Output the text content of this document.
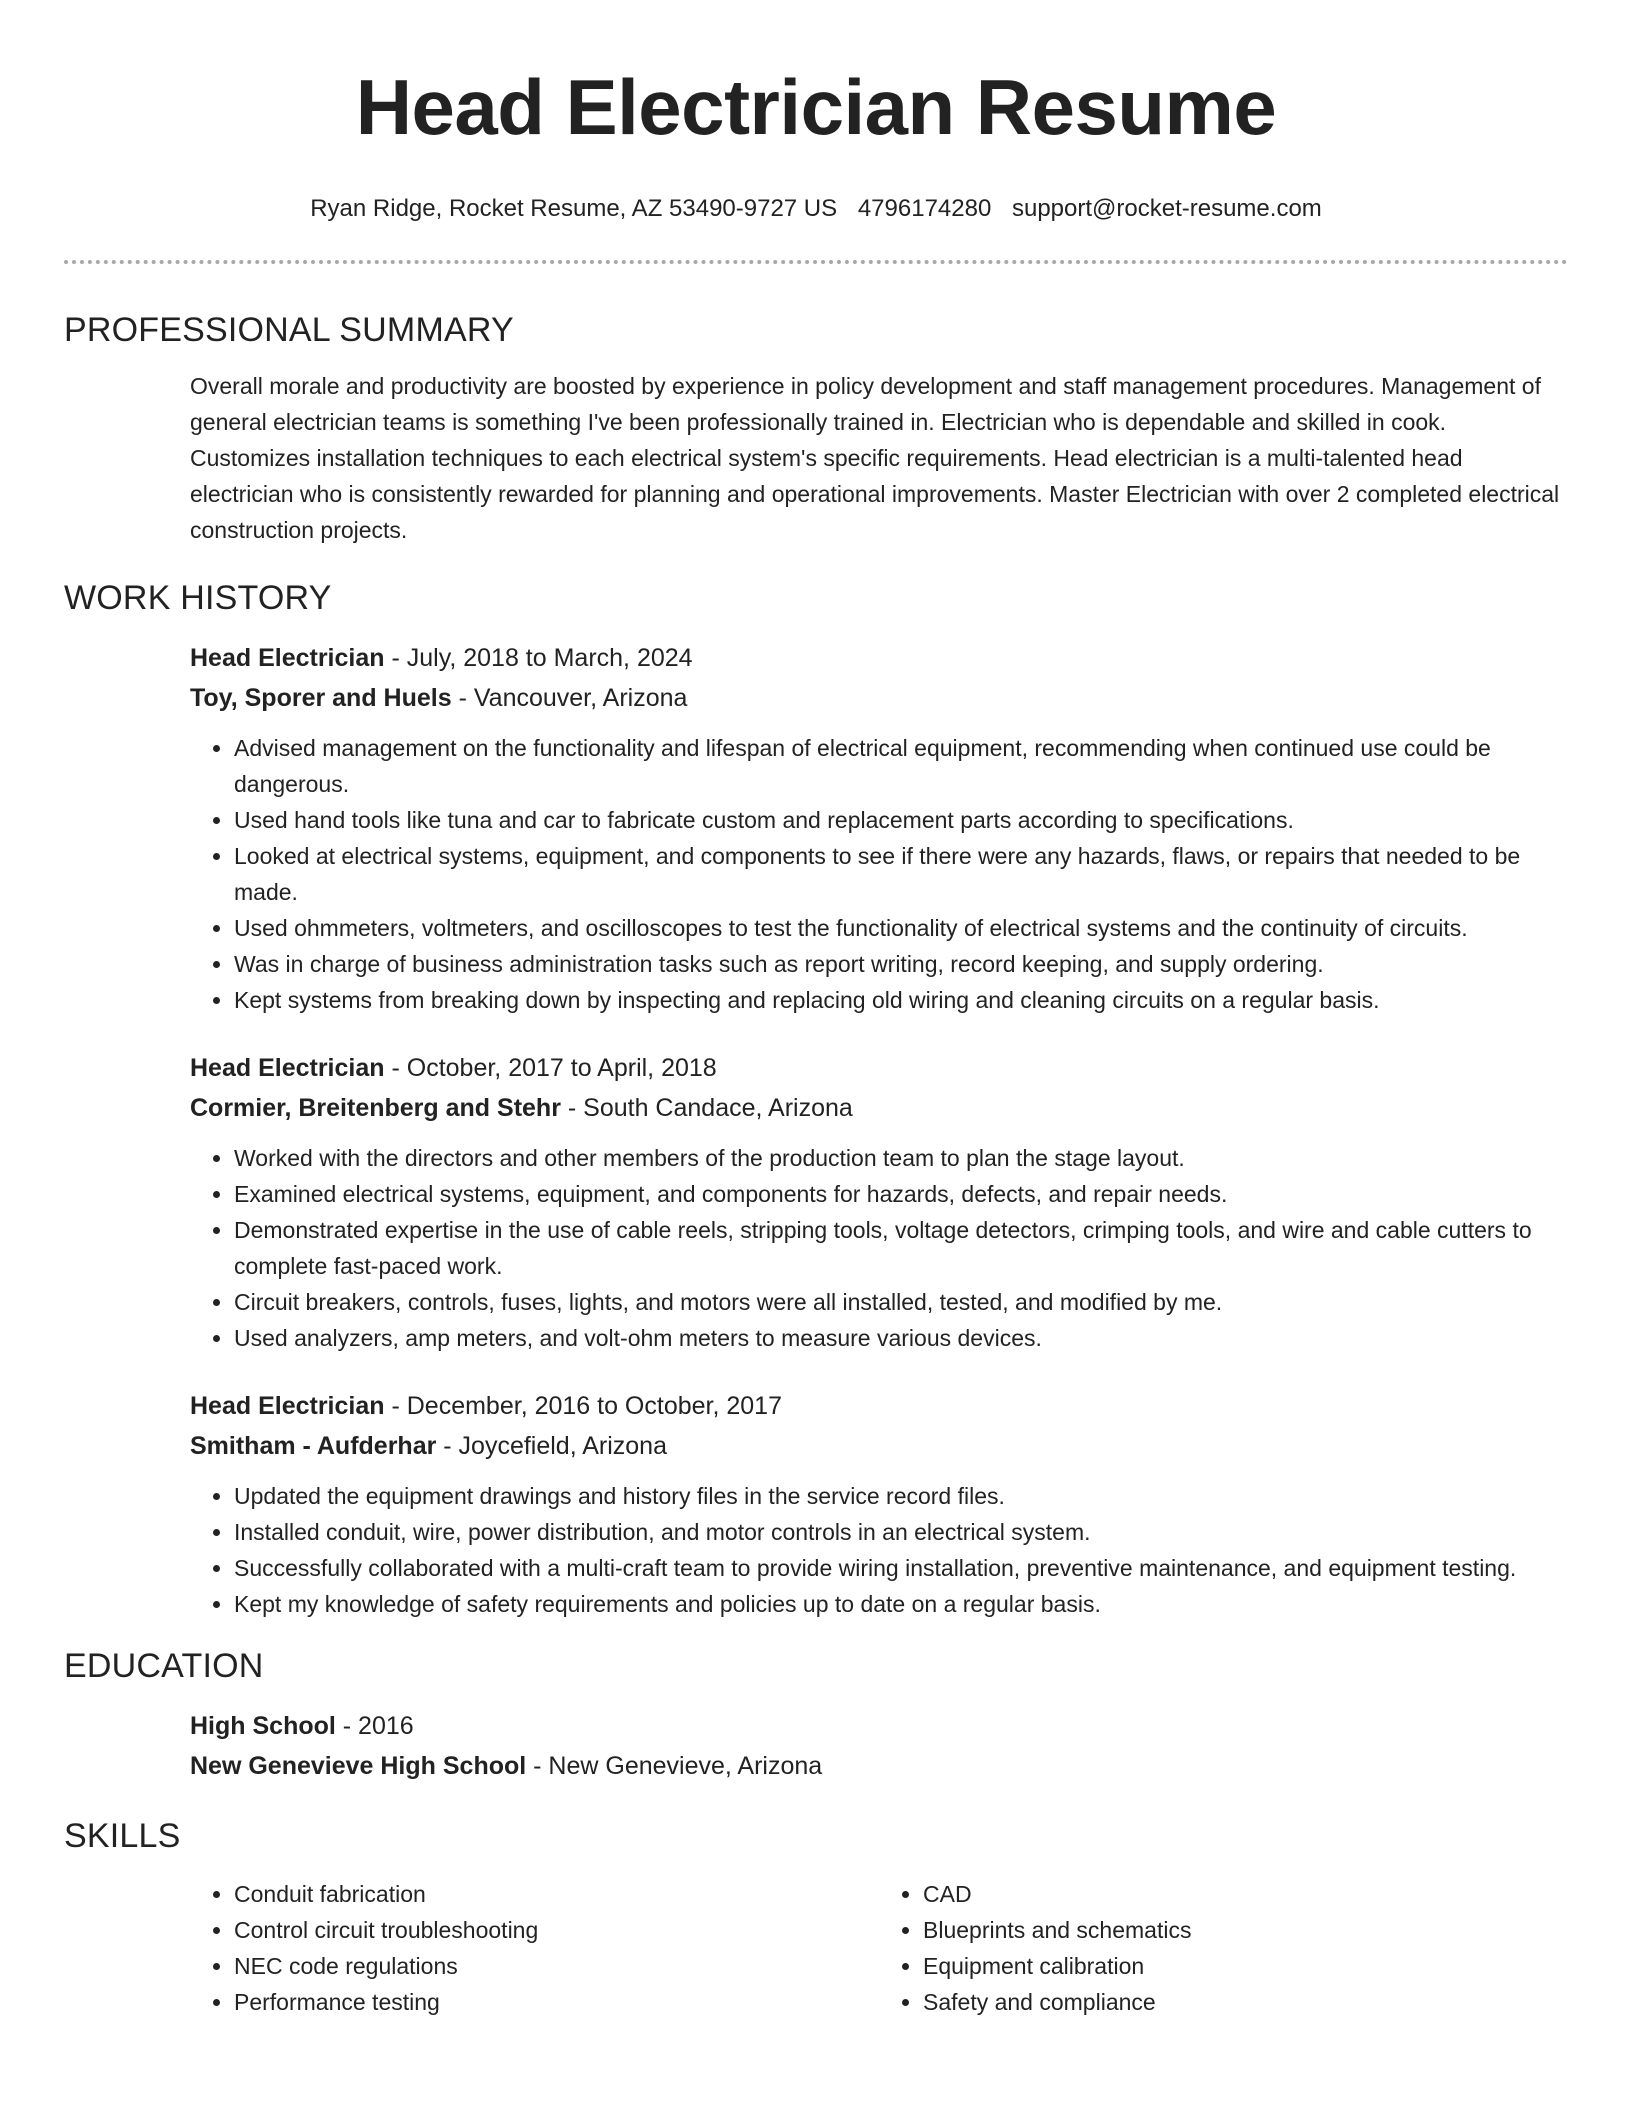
Head Electrician Resume
Ryan Ridge, Rocket Resume, AZ 53490-9727 US 4796174280 support@rocket-resume.com
PROFESSIONAL SUMMARY

Overall morale and productivity are boosted by experience in policy development and staff management procedures. Management of general electrician teams is something I've been professionally trained in. Electrician who is dependable and skilled in cook. Customizes installation techniques to each electrical system's specific requirements. Head electrician is a multi-talented head electrician who is consistently rewarded for planning and operational improvements. Master Electrician with over 2 completed electrical construction projects.

WORK HISTORY
Head Electrician - July, 2018 to March, 2024
Toy, Sporer and Huels - Vancouver, Arizona
• Advised management on the functionality and lifespan of electrical equipment, recommending when continued use could be dangerous.
• Used hand tools like tuna and car to fabricate custom and replacement parts according to specifications.
• Looked at electrical systems, equipment, and components to see if there were any hazards, flaws, or repairs that needed to be made.
• Used ohmmeters, voltmeters, and oscilloscopes to test the functionality of electrical systems and the continuity of circuits.
• Was in charge of business administration tasks such as report writing, record keeping, and supply ordering.
• Kept systems from breaking down by inspecting and replacing old wiring and cleaning circuits on a regular basis.
Head Electrician - October, 2017 to April, 2018
Cormier, Breitenberg and Stehr - South Candace, Arizona
• Worked with the directors and other members of the production team to plan the stage layout.
• Examined electrical systems, equipment, and components for hazards, defects, and repair needs.
• Demonstrated expertise in the use of cable reels, stripping tools, voltage detectors, crimping tools, and wire and cable cutters to complete fast-paced work.
• Circuit breakers, controls, fuses, lights, and motors were all installed, tested, and modified by me.
• Used analyzers, amp meters, and volt-ohm meters to measure various devices.
Head Electrician - December, 2016 to October, 2017
Smitham - Aufderhar - Joycefield, Arizona
• Updated the equipment drawings and history files in the service record files.
• Installed conduit, wire, power distribution, and motor controls in an electrical system.
• Successfully collaborated with a multi-craft team to provide wiring installation, preventive maintenance, and equipment testing.
• Kept my knowledge of safety requirements and policies up to date on a regular basis.
EDUCATION
High School - 2016
New Genevieve High School - New Genevieve, Arizona
SKILLS
• Conduit fabrication
• Control circuit troubleshooting
• NEC code regulations
• Performance testing
• CAD
• Blueprints and schematics
• Equipment calibration
• Safety and compliance
